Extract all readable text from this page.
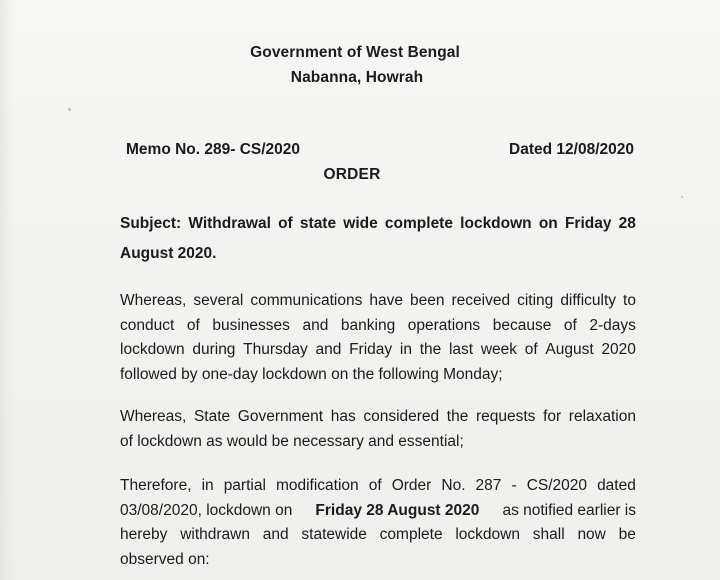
Government of West Bengal
Nabanna, Howrah
Memo No. 289- CS/2020	Dated 12/08/2020
ORDER
Subject: Withdrawal of state wide complete lockdown on Friday 28
August 2020.
Whereas, several communications have been received citing difficulty to
conduct of businesses and banking operations because of 2-days
lockdown during Thursday and Friday in the last week of August 2020
followed by one-day lockdown on the following Monday;
Whereas, State Government has considered the requests for relaxation
of lockdown as would be necessary and essential;
Therefore, in partial modification of Order No. 287 - CS/2020 dated
03/08/2020, lockdown on Friday 28 August 2020 as notified earlier is
hereby withdrawn and statewide complete lockdown shall now be
observed on:
